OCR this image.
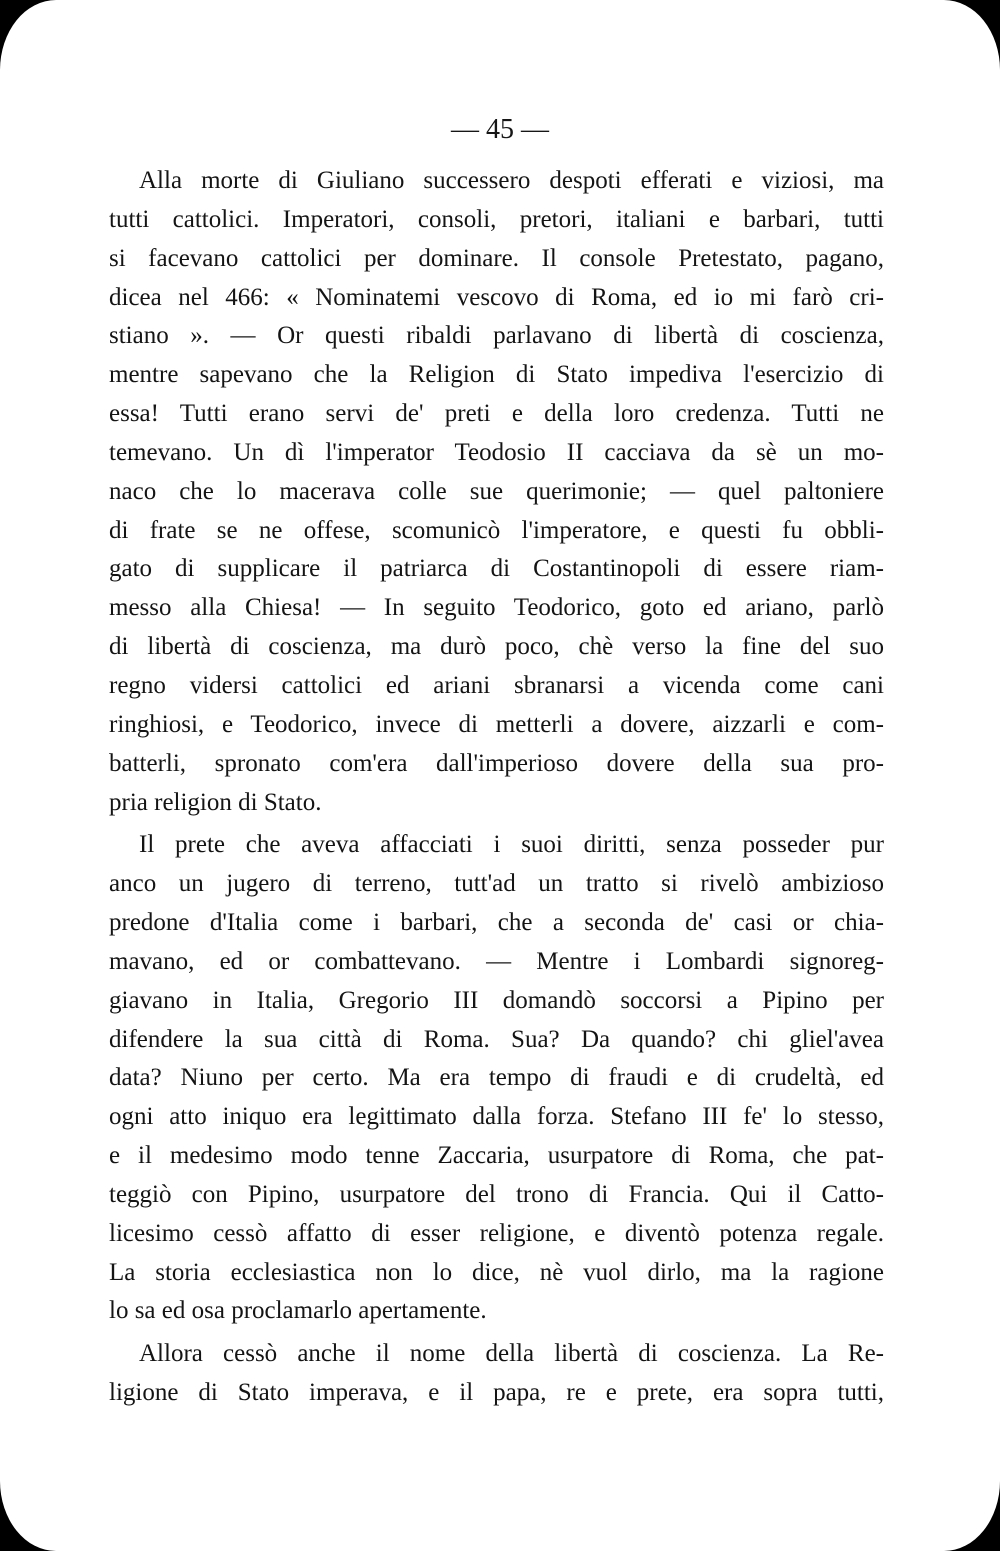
— 45 —
Alla morte di Giuliano successero despoti efferati e viziosi, ma
tutti cattolici. Imperatori, consoli, pretori, italiani e barbari, tutti
si facevano cattolici per dominare. Il console Pretestato, pagano,
dicea nel 466: « Nominatemi vescovo di Roma, ed io mi farò cri-
stiano ». — Or questi ribaldi parlavano di libertà di coscienza,
mentre sapevano che la Religion di Stato impediva l'esercizio di
essa! Tutti erano servi de' preti e della loro credenza. Tutti ne
temevano. Un dì l'imperator Teodosio II cacciava da sè un mo-
naco che lo macerava colle sue querimonie; — quel paltoniere
di frate se ne offese, scomunicò l'imperatore, e questi fu obbli-
gato di supplicare il patriarca di Costantinopoli di essere riam-
messo alla Chiesa! — In seguito Teodorico, goto ed ariano, parlò
di libertà di coscienza, ma durò poco, chè verso la fine del suo
regno vidersi cattolici ed ariani sbranarsi a vicenda come cani
ringhiosi, e Teodorico, invece di metterli a dovere, aizzarli e com-
batterli, spronato com'era dall'imperioso dovere della sua pro-
pria religion di Stato.
Il prete che aveva affacciati i suoi diritti, senza posseder pur
anco un jugero di terreno, tutt'ad un tratto si rivelò ambizioso
predone d'Italia come i barbari, che a seconda de' casi or chia-
mavano, ed or combattevano. — Mentre i Lombardi signoreg-
giavano in Italia, Gregorio III domandò soccorsi a Pipino per
difendere la sua città di Roma. Sua? Da quando? chi gliel'avea
data? Niuno per certo. Ma era tempo di fraudi e di crudeltà, ed
ogni atto iniquo era legittimato dalla forza. Stefano III fe' lo stesso,
e il medesimo modo tenne Zaccaria, usurpatore di Roma, che pat-
teggiò con Pipino, usurpatore del trono di Francia. Qui il Catto-
licesimo cessò affatto di esser religione, e diventò potenza regale.
La storia ecclesiastica non lo dice, nè vuol dirlo, ma la ragione
lo sa ed osa proclamarlo apertamente.
Allora cessò anche il nome della libertà di coscienza. La Re-
ligione di Stato imperava, e il papa, re e prete, era sopra tutti,
